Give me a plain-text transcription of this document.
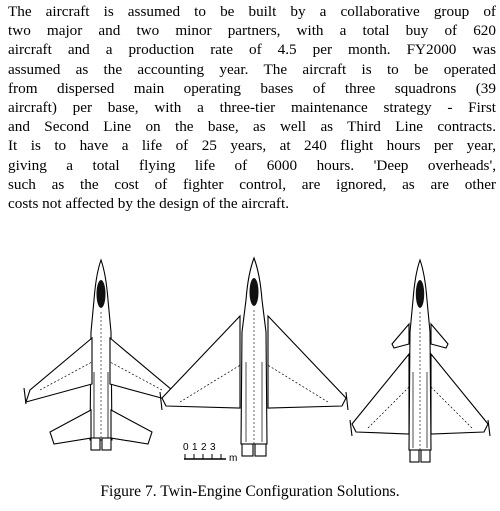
The aircraft is assumed to be built by a collaborative group of
two major and two minor partners, with a total buy of 620
aircraft and a production rate of 4.5 per month. FY2000 was
assumed as the accounting year. The aircraft is to be operated
from dispersed main operating bases of three squadrons (39
aircraft) per base, with a three-tier maintenance strategy - First
and Second Line on the base, as well as Third Line contracts.
It is to have a life of 25 years, at 240 flight hours per year,
giving a total flying life of 6000 hours. 'Deep overheads',
such as the cost of fighter control, are ignored, as are other
costs not affected by the design of the aircraft.
0 1 2 3
m
Figure 7. Twin-Engine Configuration Solutions.
